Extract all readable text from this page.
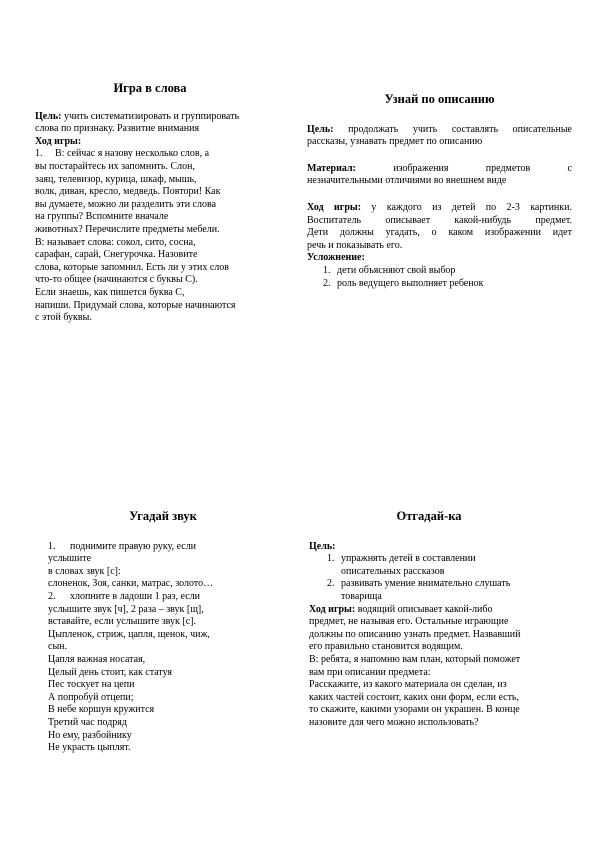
Игра в слова

Цель: учить систематизировать и группировать
слова по признаку. Развитие внимания
Ход игры:
1. В: сейчас я назову несколько слов, а
вы постарайтесь их запомнить. Слон,
заяц, телевизор, курица, шкаф, мышь,
волк, диван, кресло, медведь. Повтори! Как
вы думаете, можно ли разделить эти слова
на группы? Вспомните вначале
животных? Перечислите предметы мебели.
В: называет слова: сокол, сито, сосна,
сарафан, сарай, Снегурочка. Назовите
слова, которые запомнил. Есть ли у этих слов
что-то общее (начинаются с буквы С).
Если знаешь, как пишется буква С,
напиши. Придумай слова, которые начинаются
с этой буквы.

Узнай по описанию

Цель: продолжать учить составлять описательные
рассказы, узнавать предмет по описанию
Материал: изображения предметов с
незначительными отличиями во внешнем виде
Ход игры: у каждого из детей по 2-3 картинки.
Воспитатель описывает какой-нибудь предмет.
Дети должны угадать, о каком изображении идет
речь и показывать его.
Усложнение:
1. дети объясняют свой выбор
2. роль ведущего выполняет ребенок

Угадай звук

1. поднимите правую руку, если
услышите
в словах звук [с]:
слоненок, Зоя, санки, матрас, золото…
2. хлопните в ладоши 1 раз, если
услышите звук [ч], 2 раза – звук [щ],
вставайте, если услышите звук [с].
Цыпленок, стриж, цапля, щенок, чиж,
сын.
Цапля важная носатая,
Целый день стоит, как статуя
Пес тоскует на цепи
А попробуй отцепи;
В небе коршун кружится
Третий час подряд
Но ему, разбойнику
Не украсть цыплят.

Отгадай-ка

Цель:
1. упражнять детей в составлении
описательных рассказов
2. развивать умение внимательно слушать
товарища
Ход игры: водящий описывает какой-либо
предмет, не называя его. Остальные играющие
должны по описанию узнать предмет. Назвавший
его правильно становится водящим.
В: ребята, я напомню вам план, который поможет
вам при описании предмета:
Расскажите, из какого материала он сделан, из
каких частей состоит, каких они форм, если есть,
то скажите, какими узорами он украшен. В конце
назовите для чего можно использовать?
